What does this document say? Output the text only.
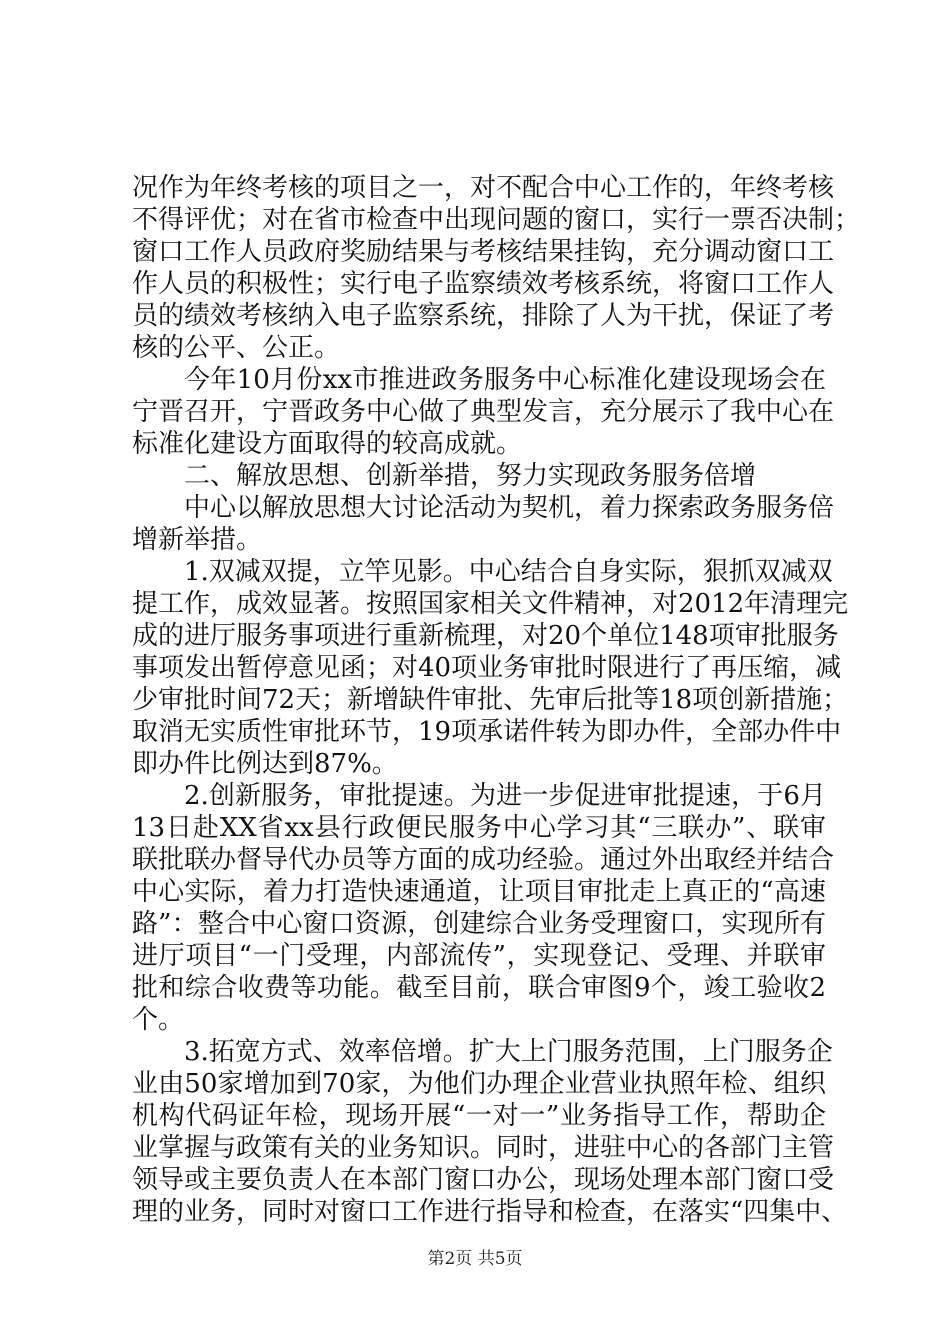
况作为年终考核的项目之一，对不配合中心工作的，年终考核
不得评优；对在省市检查中出现问题的窗口，实行一票否决制；
窗口工作人员政府奖励结果与考核结果挂钩，充分调动窗口工
作人员的积极性；实行电子监察绩效考核系统，将窗口工作人
员的绩效考核纳入电子监察系统，排除了人为干扰，保证了考
核的公平、公正。
今年10月份xx市推进政务服务中心标准化建设现场会在
宁晋召开，宁晋政务中心做了典型发言，充分展示了我中心在
标准化建设方面取得的较高成就。
二、解放思想、创新举措，努力实现政务服务倍增
中心以解放思想大讨论活动为契机，着力探索政务服务倍
增新举措。
1.双减双提，立竿见影。中心结合自身实际，狠抓双减双
提工作，成效显著。按照国家相关文件精神，对2012年清理完
成的进厅服务事项进行重新梳理，对20个单位148项审批服务
事项发出暂停意见函；对40项业务审批时限进行了再压缩，减
少审批时间72天；新增缺件审批、先审后批等18项创新措施；
取消无实质性审批环节，19项承诺件转为即办件，全部办件中
即办件比例达到87%。
2.创新服务，审批提速。为进一步促进审批提速，于6月
13日赴XX省xx县行政便民服务中心学习其“三联办”、联审
联批联办督导代办员等方面的成功经验。通过外出取经并结合
中心实际，着力打造快速通道，让项目审批走上真正的“高速
路”：整合中心窗口资源，创建综合业务受理窗口，实现所有
进厅项目“一门受理，内部流传”，实现登记、受理、并联审
批和综合收费等功能。截至目前，联合审图9个，竣工验收2
个。
3.拓宽方式、效率倍增。扩大上门服务范围，上门服务企
业由50家增加到70家，为他们办理企业营业执照年检、组织
机构代码证年检，现场开展“一对一”业务指导工作，帮助企
业掌握与政策有关的业务知识。同时，进驻中心的各部门主管
领导或主要负责人在本部门窗口办公，现场处理本部门窗口受
理的业务，同时对窗口工作进行指导和检查，在落实“四集中、
第2页 共5页
